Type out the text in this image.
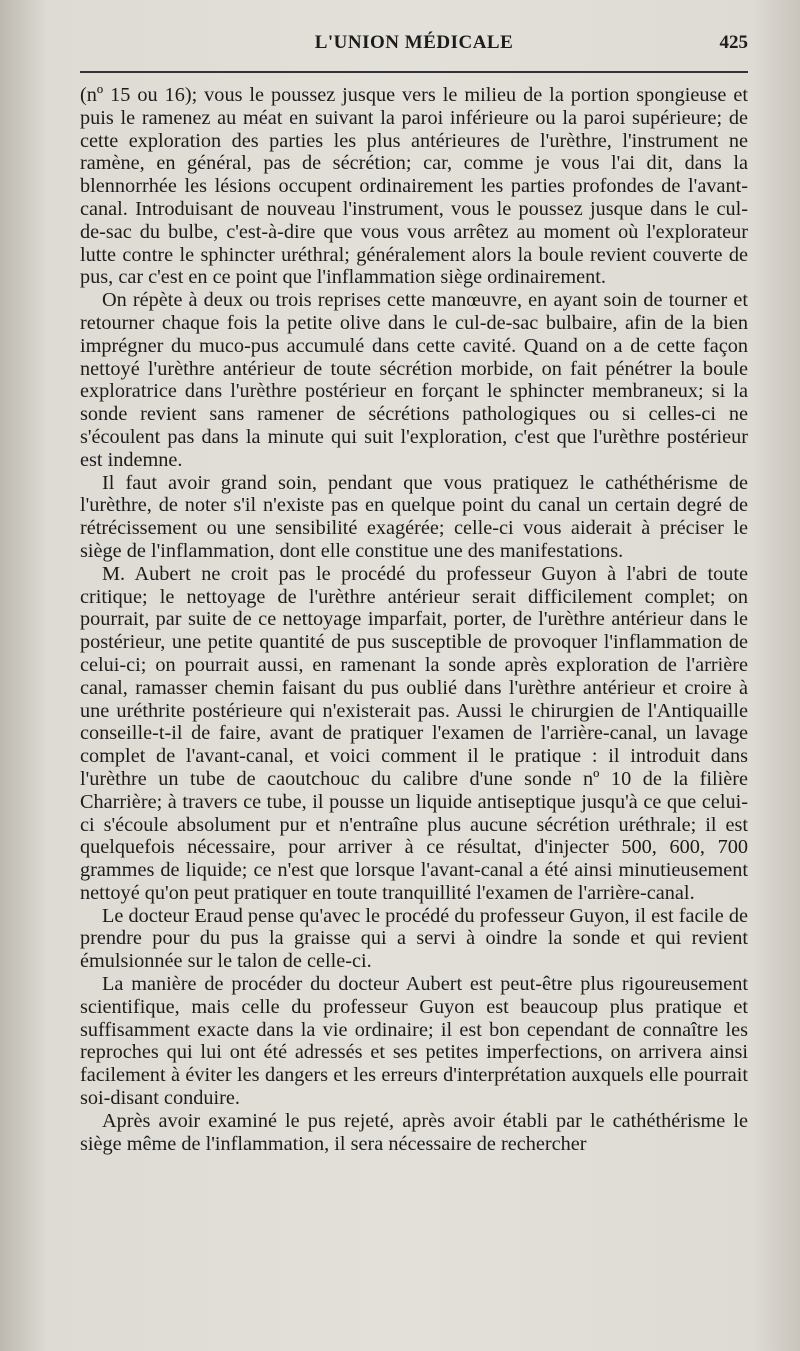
L'UNION MÉDICALE	425

(nº 15 ou 16); vous le poussez jusque vers le milieu de la portion spongieuse et puis le ramenez au méat en suivant la paroi inférieure ou la paroi supérieure; de cette exploration des parties les plus antérieures de l'urèthre, l'instrument ne ramène, en général, pas de sécrétion; car, comme je vous l'ai dit, dans la blennorrhée les lésions occupent ordinairement les parties profondes de l'avant-canal. Introduisant de nouveau l'instrument, vous le poussez jusque dans le cul-de-sac du bulbe, c'est-à-dire que vous vous arrêtez au moment où l'explorateur lutte contre le sphincter uréthral; généralement alors la boule revient couverte de pus, car c'est en ce point que l'inflammation siège ordinairement.

On répète à deux ou trois reprises cette manœuvre, en ayant soin de tourner et retourner chaque fois la petite olive dans le cul-de-sac bulbaire, afin de la bien imprégner du muco-pus accumulé dans cette cavité. Quand on a de cette façon nettoyé l'urèthre antérieur de toute sécrétion morbide, on fait pénétrer la boule exploratrice dans l'urèthre postérieur en forçant le sphincter membraneux; si la sonde revient sans ramener de sécrétions pathologiques ou si celles-ci ne s'écoulent pas dans la minute qui suit l'exploration, c'est que l'urèthre postérieur est indemne.

Il faut avoir grand soin, pendant que vous pratiquez le cathéthérisme de l'urèthre, de noter s'il n'existe pas en quelque point du canal un certain degré de rétrécissement ou une sensibilité exagérée; celle-ci vous aiderait à préciser le siège de l'inflammation, dont elle constitue une des manifestations.

M. Aubert ne croit pas le procédé du professeur Guyon à l'abri de toute critique; le nettoyage de l'urèthre antérieur serait difficilement complet; on pourrait, par suite de ce nettoyage imparfait, porter, de l'urèthre antérieur dans le postérieur, une petite quantité de pus susceptible de provoquer l'inflammation de celui-ci; on pourrait aussi, en ramenant la sonde après exploration de l'arrière canal, ramasser chemin faisant du pus oublié dans l'urèthre antérieur et croire à une uréthrite postérieure qui n'existerait pas. Aussi le chirurgien de l'Antiquaille conseille-t-il de faire, avant de pratiquer l'examen de l'arrière-canal, un lavage complet de l'avant-canal, et voici comment il le pratique : il introduit dans l'urèthre un tube de caoutchouc du calibre d'une sonde nº 10 de la filière Charrière; à travers ce tube, il pousse un liquide antiseptique jusqu'à ce que celui-ci s'écoule absolument pur et n'entraîne plus aucune sécrétion uréthrale; il est quelquefois nécessaire, pour arriver à ce résultat, d'injecter 500, 600, 700 grammes de liquide; ce n'est que lorsque l'avant-canal a été ainsi minutieusement nettoyé qu'on peut pratiquer en toute tranquillité l'examen de l'arrière-canal.

Le docteur Eraud pense qu'avec le procédé du professeur Guyon, il est facile de prendre pour du pus la graisse qui a servi à oindre la sonde et qui revient émulsionnée sur le talon de celle-ci.

La manière de procéder du docteur Aubert est peut-être plus rigoureusement scientifique, mais celle du professeur Guyon est beaucoup plus pratique et suffisamment exacte dans la vie ordinaire; il est bon cependant de connaître les reproches qui lui ont été adressés et ses petites imperfections, on arrivera ainsi facilement à éviter les dangers et les erreurs d'interprétation auxquels elle pourrait soi-disant conduire.

Après avoir examiné le pus rejeté, après avoir établi par le cathéthérisme le siège même de l'inflammation, il sera nécessaire de rechercher
